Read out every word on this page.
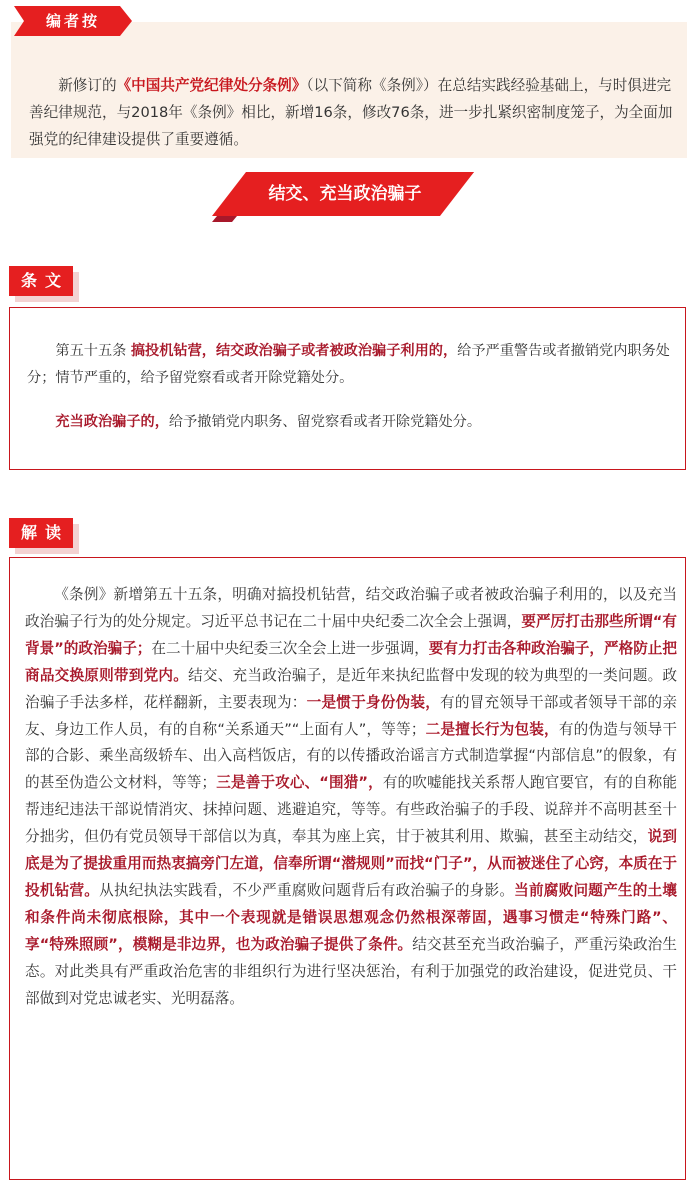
编者按

新修订的《中国共产党纪律处分条例》（以下简称《条例》）在总结实践经验基础上，与时俱进完善纪律规范，与2018年《条例》相比，新增16条，修改76条，进一步扎紧织密制度笼子，为全面加强党的纪律建设提供了重要遵循。

结交、充当政治骗子
条文

第五十五条 搞投机钻营，结交政治骗子或者被政治骗子利用的，给予严重警告或者撤销党内职务处分；情节严重的，给予留党察看或者开除党籍处分。

充当政治骗子的，给予撤销党内职务、留党察看或者开除党籍处分。

解读

《条例》新增第五十五条，明确对搞投机钻营，结交政治骗子或者被政治骗子利用的，以及充当政治骗子行为的处分规定。习近平总书记在二十届中央纪委二次全会上强调，要严厉打击那些所谓“有背景”的政治骗子；在二十届中央纪委三次全会上进一步强调，要有力打击各种政治骗子，严格防止把商品交换原则带到党内。结交、充当政治骗子，是近年来执纪监督中发现的较为典型的一类问题。政治骗子手法多样，花样翻新，主要表现为：一是惯于身份伪装，有的冒充领导干部或者领导干部的亲友、身边工作人员，有的自称“关系通天”“上面有人”，等等；二是擅长行为包装，有的伪造与领导干部的合影、乘坐高级轿车、出入高档饭店，有的以传播政治谣言方式制造掌握“内部信息”的假象，有的甚至伪造公文材料，等等；三是善于攻心、“围猎”，有的吹嘘能找关系帮人跑官要官，有的自称能帮违纪违法干部说情消灾、抹掉问题、逃避追究，等等。有些政治骗子的手段、说辞并不高明甚至十分拙劣，但仍有党员领导干部信以为真，奉其为座上宾，甘于被其利用、欺骗，甚至主动结交，说到底是为了提拔重用而热衷搞旁门左道，信奉所谓“潜规则”而找“门子”，从而被迷住了心窍，本质在于投机钻营。从执纪执法实践看，不少严重腐败问题背后有政治骗子的身影。当前腐败问题产生的土壤和条件尚未彻底根除，其中一个表现就是错误思想观念仍然根深蒂固，遇事习惯走“特殊门路”、享“特殊照顾”，模糊是非边界，也为政治骗子提供了条件。结交甚至充当政治骗子，严重污染政治生态。对此类具有严重政治危害的非组织行为进行坚决惩治，有利于加强党的政治建设，促进党员、干部做到对党忠诚老实、光明磊落。
